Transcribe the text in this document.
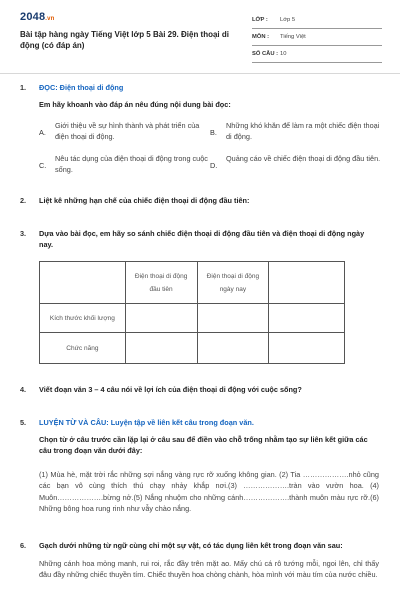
2048.vn
Bài tập hàng ngày Tiếng Việt lớp 5 Bài 29. Điện thoại di động (có đáp án)
LỚP :	Lớp 5
MÔN :	Tiếng Việt
SỐ CÂU : 10
1.	ĐỌC: Điện thoại di động
Em hãy khoanh vào đáp án nêu đúng nội dung bài đọc:
A.
Giới thiệu về sự hình thành và phát triển của điện thoại di động.	B.
Những khó khăn để làm ra một chiếc điện thoại di động.
C.
Nêu tác dụng của điện thoại di động trong cuộc sống.	D.
Quảng cáo về chiếc điện thoại di động đầu tiên.
2.	Liệt kê những hạn chế của chiếc điện thoại di động đầu tiên:
3.	Dựa vào bài đọc, em hãy so sánh chiếc điện thoại di động đầu tiên và điện thoại di động ngày nay.
	Điện thoại di động đầu tiên	Điện thoại di động ngày nay	
Kích thước khối lượng			
Chức năng			
4.	Viết đoạn văn 3 – 4 câu nói về lợi ích của điện thoại di động với cuộc sống?
5.	LUYỆN TỪ VÀ CÂU: Luyện tập về liên kết câu trong đoạn văn.
Chọn từ ở câu trước cần lặp lại ở câu sau để điền vào chỗ trống nhằm tạo sự liên kết giữa các câu trong đoạn văn dưới đây:
(1) Mùa hè, mặt trời rắc những sợi nắng vàng rực rỡ xuống không gian. (2) Tia ……………….nhỏ cũng các bạn vô cùng thích thú chạy nhảy khắp nơi.(3) ……………….tràn vào vườn hoa. (4) Muôn……………….bừng nở.(5) Nắng nhuộm cho những cánh……………….thành muôn màu rực rỡ.(6) Những bông hoa rung rinh như vẫy chào nắng.
6.	Gạch dưới những từ ngữ cùng chỉ một sự vật, có tác dụng liên kết trong đoạn văn sau:
Những cánh hoa mỏng manh, rui roi, rắc đầy trên mặt ao. Mấy chú cá rô tướng mỗi, ngoi lên, chỉ thấy đâu đầy những chiếc thuyền tím. Chiếc thuyền hoa chòng chành, hòa mình với màu tím của nước chiều.
